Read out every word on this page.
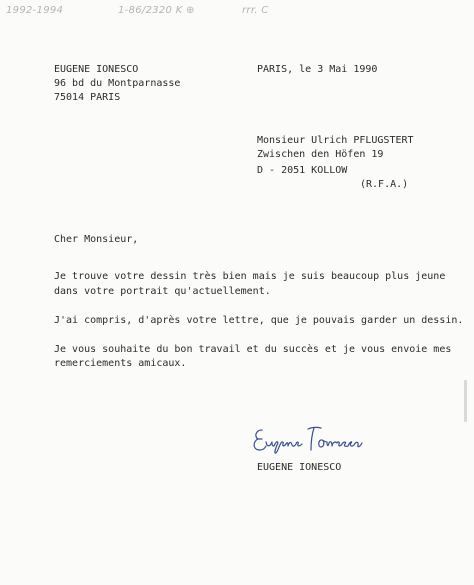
1992-1994	1-86/2320 K ⊕	rrr. C
EUGENE IONESCO
96 bd du Montparnasse
75014 PARIS
PARIS, le 3 Mai 1990
Monsieur Ulrich PFLUGSTERT
Zwischen den Höfen 19
D - 2051 KOLLOW
(R.F.A.)
Cher Monsieur,
Je trouve votre dessin très bien mais je suis beaucoup plus jeune
dans votre portrait qu'actuellement.
J'ai compris, d'après votre lettre, que je pouvais garder un dessin.
Je vous souhaite du bon travail et du succès et je vous envoie mes
remerciements amicaux.
EUGENE IONESCO
